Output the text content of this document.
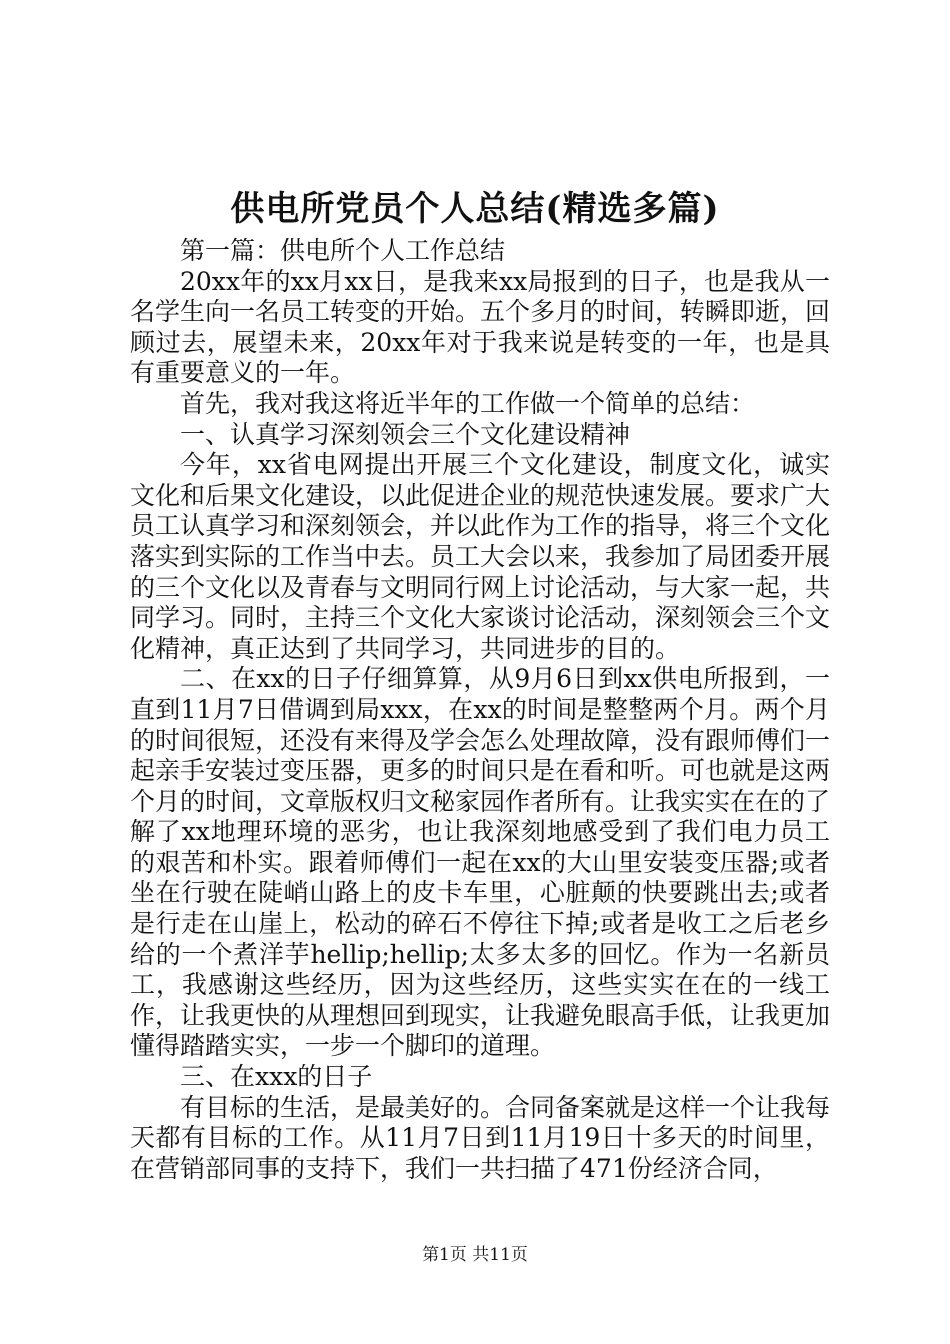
供电所党员个人总结(精选多篇)

第一篇：供电所个人工作总结

20xx年的xx月xx日，是我来xx局报到的日子，也是我从一名学生向一名员工转变的开始。五个多月的时间，转瞬即逝，回顾过去，展望未来，20xx年对于我来说是转变的一年，也是具有重要意义的一年。

首先，我对我这将近半年的工作做一个简单的总结：

一、认真学习深刻领会三个文化建设精神

今年，xx省电网提出开展三个文化建设，制度文化，诚实文化和后果文化建设，以此促进企业的规范快速发展。要求广大员工认真学习和深刻领会，并以此作为工作的指导，将三个文化落实到实际的工作当中去。员工大会以来，我参加了局团委开展的三个文化以及青春与文明同行网上讨论活动，与大家一起，共同学习。同时，主持三个文化大家谈讨论活动，深刻领会三个文化精神，真正达到了共同学习，共同进步的目的。

二、在xx的日子仔细算算，从9月6日到xx供电所报到，一直到11月7日借调到局xxx，在xx的时间是整整两个月。两个月的时间很短，还没有来得及学会怎么处理故障，没有跟师傅们一起亲手安装过变压器，更多的时间只是在看和听。可也就是这两个月的时间，文章版权归文秘家园作者所有。让我实实在在的了解了xx地理环境的恶劣，也让我深刻地感受到了我们电力员工的艰苦和朴实。跟着师傅们一起在xx的大山里安装变压器;或者坐在行驶在陡峭山路上的皮卡车里，心脏颠的快要跳出去;或者是行走在山崖上，松动的碎石不停往下掉;或者是收工之后老乡给的一个煮洋芋hellip;hellip;太多太多的回忆。作为一名新员工，我感谢这些经历，因为这些经历，这些实实在在的一线工作，让我更快的从理想回到现实，让我避免眼高手低，让我更加懂得踏踏实实，一步一个脚印的道理。

三、在xxx的日子

有目标的生活，是最美好的。合同备案就是这样一个让我每天都有目标的工作。从11月7日到11月19日十多天的时间里，在营销部同事的支持下，我们一共扫描了471份经济合同，

第1页 共11页
